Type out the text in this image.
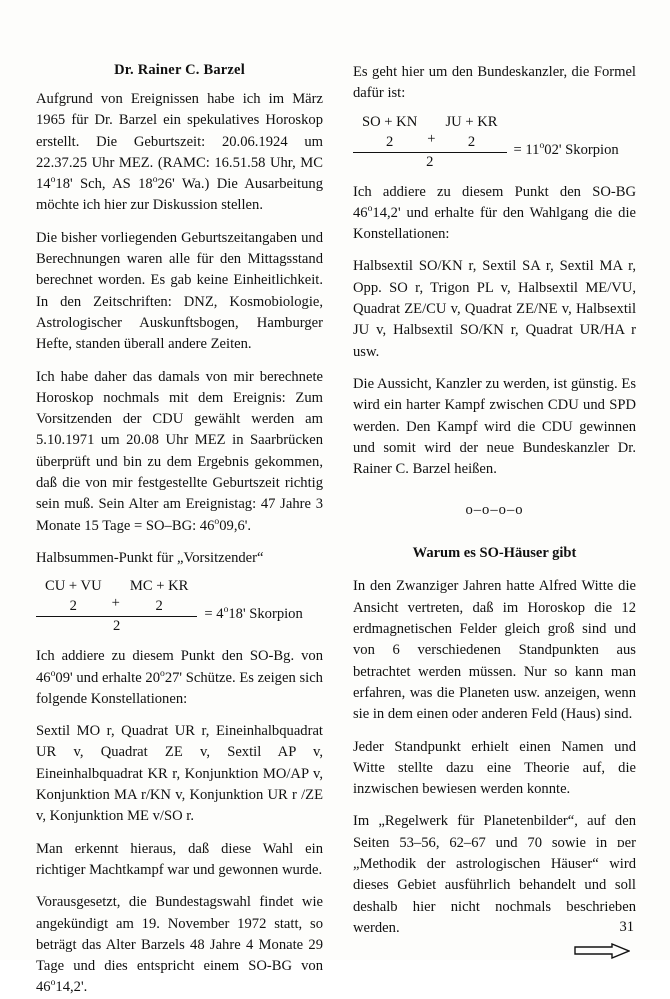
Dr. Rainer C. Barzel

Aufgrund von Ereignissen habe ich im März 1965 für Dr. Barzel ein spekulatives Horoskop erstellt. Die Geburtszeit: 20.06.1924 um 22.37.25 Uhr MEZ. (RAMC: 16.51.58 Uhr, MC 14$^o$18' Sch, AS 18$^o$26' Wa.) Die Ausarbeitung möchte ich hier zur Diskussion stellen.

Die bisher vorliegenden Geburtszeitangaben und Berechnungen waren alle für den Mittagsstand berechnet worden. Es gab keine Einheitlichkeit. In den Zeitschriften: DNZ, Kosmobiologie, Astrologischer Auskunftsbogen, Hamburger Hefte, standen überall andere Zeiten.

Ich habe daher das damals von mir berechnete Horoskop nochmals mit dem Ereignis: Zum Vorsitzenden der CDU gewählt werden am 5.10.1971 um 20.08 Uhr MEZ in Saarbrücken überprüft und bin zu dem Ergebnis gekommen, daß die von mir festgestellte Geburtszeit richtig sein muß. Sein Alter am Ereignistag: 47 Jahre 3 Monate 15 Tage = SO–BG: 46$^o$09,6'.

Halbsummen-Punkt für „Vorsitzender“

CU + VU
2	+
MC + KR
2
2
= $4^o18'$ Skorpion

Ich addiere zu diesem Punkt den SO-Bg. von 46$^o$09' und erhalte 20$^o$27' Schütze. Es zeigen sich folgende Konstellationen:

Sextil MO r, Quadrat UR r, Eineinhalbquadrat UR v, Quadrat ZE v, Sextil AP v, Eineinhalbquadrat KR r, Konjunktion MO/AP v, Konjunktion MA r/KN v, Konjunktion UR r /ZE v, Konjunktion ME v/SO r.

Man erkennt hieraus, daß diese Wahl ein richtiger Machtkampf war und gewonnen wurde.

Vorausgesetzt, die Bundestagswahl findet wie angekündigt am 19. November 1972 statt, so beträgt das Alter Barzels 48 Jahre 4 Monate 29 Tage und dies entspricht einem SO-BG von 46$^o$14,2'.

Es geht hier um den Bundeskanzler, die Formel dafür ist:

SO + KN
2	+
JU + KR
2
2
= $11^o02'$ Skorpion

Ich addiere zu diesem Punkt den SO-BG 46$^o$14,2' und erhalte für den Wahlgang die die Konstellationen:

Halbsextil SO/KN r, Sextil SA r, Sextil MA r, Opp. SO r, Trigon PL v, Halbsextil ME/VU, Quadrat ZE/CU v, Quadrat ZE/NE v, Halbsextil JU v, Halbsextil SO/KN r, Quadrat UR/HA r usw.

Die Aussicht, Kanzler zu werden, ist günstig. Es wird ein harter Kampf zwischen CDU und SPD werden. Den Kampf wird die CDU gewinnen und somit wird der neue Bundeskanzler Dr. Rainer C. Barzel heißen.

o–o–o–o
Warum es SO-Häuser gibt

In den Zwanziger Jahren hatte Alfred Witte die Ansicht vertreten, daß im Horoskop die 12 erdmagnetischen Felder gleich groß sind und von 6 verschiedenen Standpunkten aus betrachtet werden müssen. Nur so kann man erfahren, was die Planeten usw. anzeigen, wenn sie in dem einen oder anderen Feld (Haus) sind.

Jeder Standpunkt erhielt einen Namen und Witte stellte dazu eine Theorie auf, die inzwischen bewiesen werden konnte.

Im „Regelwerk für Planetenbilder“, auf den Seiten 53–56, 62–67 und 70 sowie in ᴅer „Methodik der astrologischen Häuser“ wird dieses Gebiet ausführlich behandelt und soll deshalb hier nicht nochmals beschrieben werden.	31
